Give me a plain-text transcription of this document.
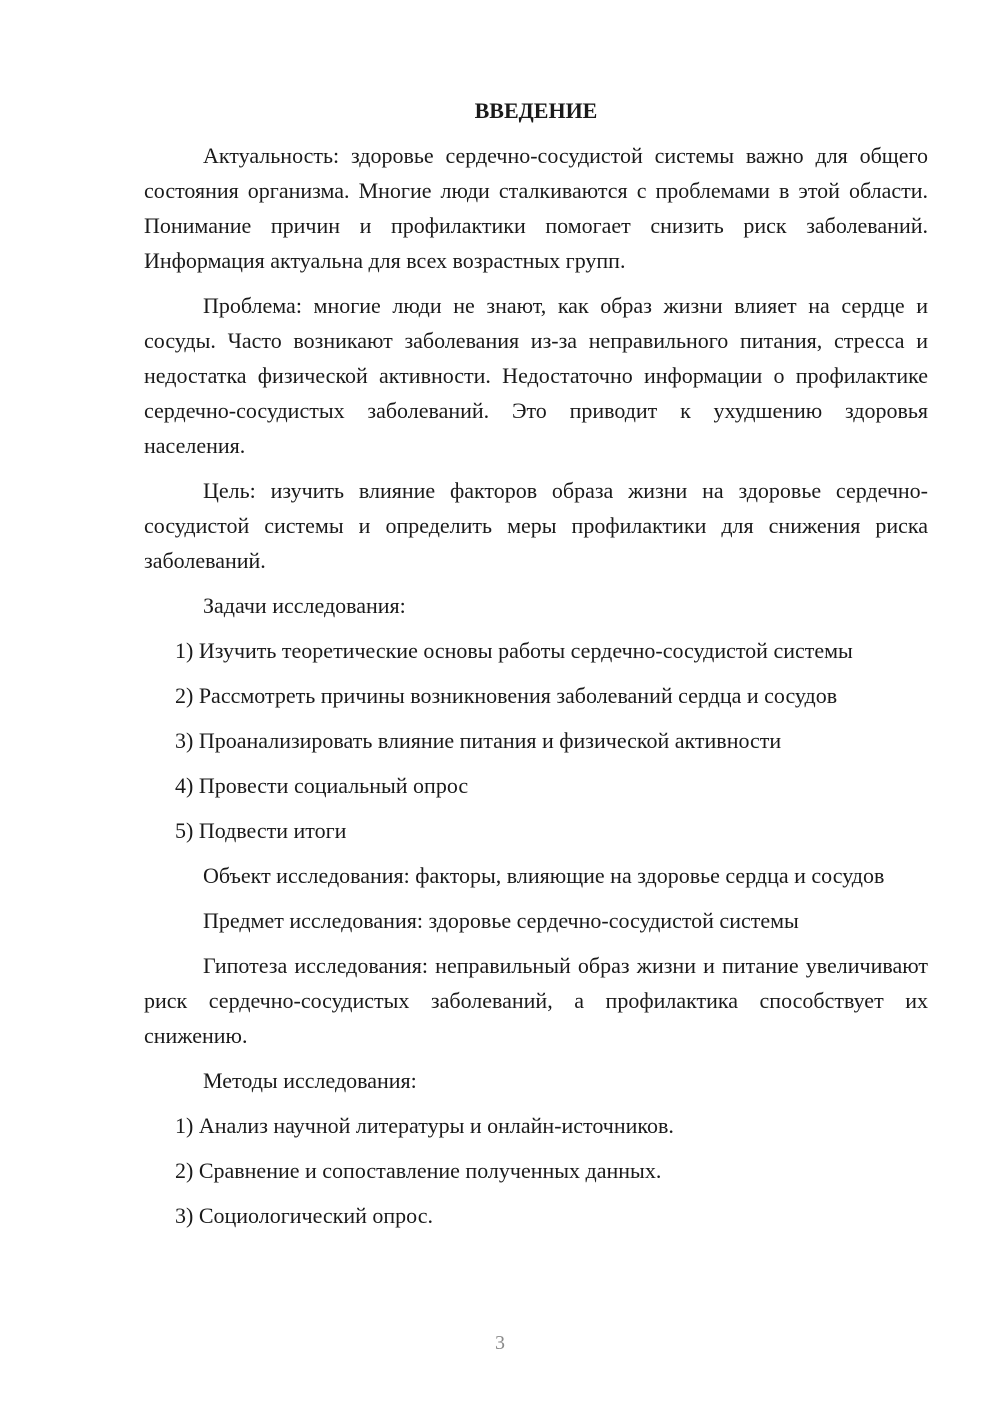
ВВЕДЕНИЕ

Актуальность: здоровье сердечно-сосудистой системы важно для общего состояния организма. Многие люди сталкиваются с проблемами в этой области. Понимание причин и профилактики помогает снизить риск заболеваний. Информация актуальна для всех возрастных групп.

Проблема: многие люди не знают, как образ жизни влияет на сердце и сосуды. Часто возникают заболевания из-за неправильного питания, стресса и недостатка физической активности. Недостаточно информации о профилактике сердечно-сосудистых заболеваний. Это приводит к ухудшению здоровья населения.

Цель: изучить влияние факторов образа жизни на здоровье сердечно-сосудистой системы и определить меры профилактики для снижения риска заболеваний.

Задачи исследования:

1) Изучить теоретические основы работы сердечно-сосудистой системы

2) Рассмотреть причины возникновения заболеваний сердца и сосудов

3) Проанализировать влияние питания и физической активности

4) Провести социальный опрос

5) Подвести итоги

Объект исследования: факторы, влияющие на здоровье сердца и сосудов

Предмет исследования: здоровье сердечно-сосудистой системы

Гипотеза исследования: неправильный образ жизни и питание увеличивают риск сердечно-сосудистых заболеваний, а профилактика способствует их снижению.

Методы исследования:

1) Анализ научной литературы и онлайн-источников.

2) Сравнение и сопоставление полученных данных.

3) Социологический опрос.

3
